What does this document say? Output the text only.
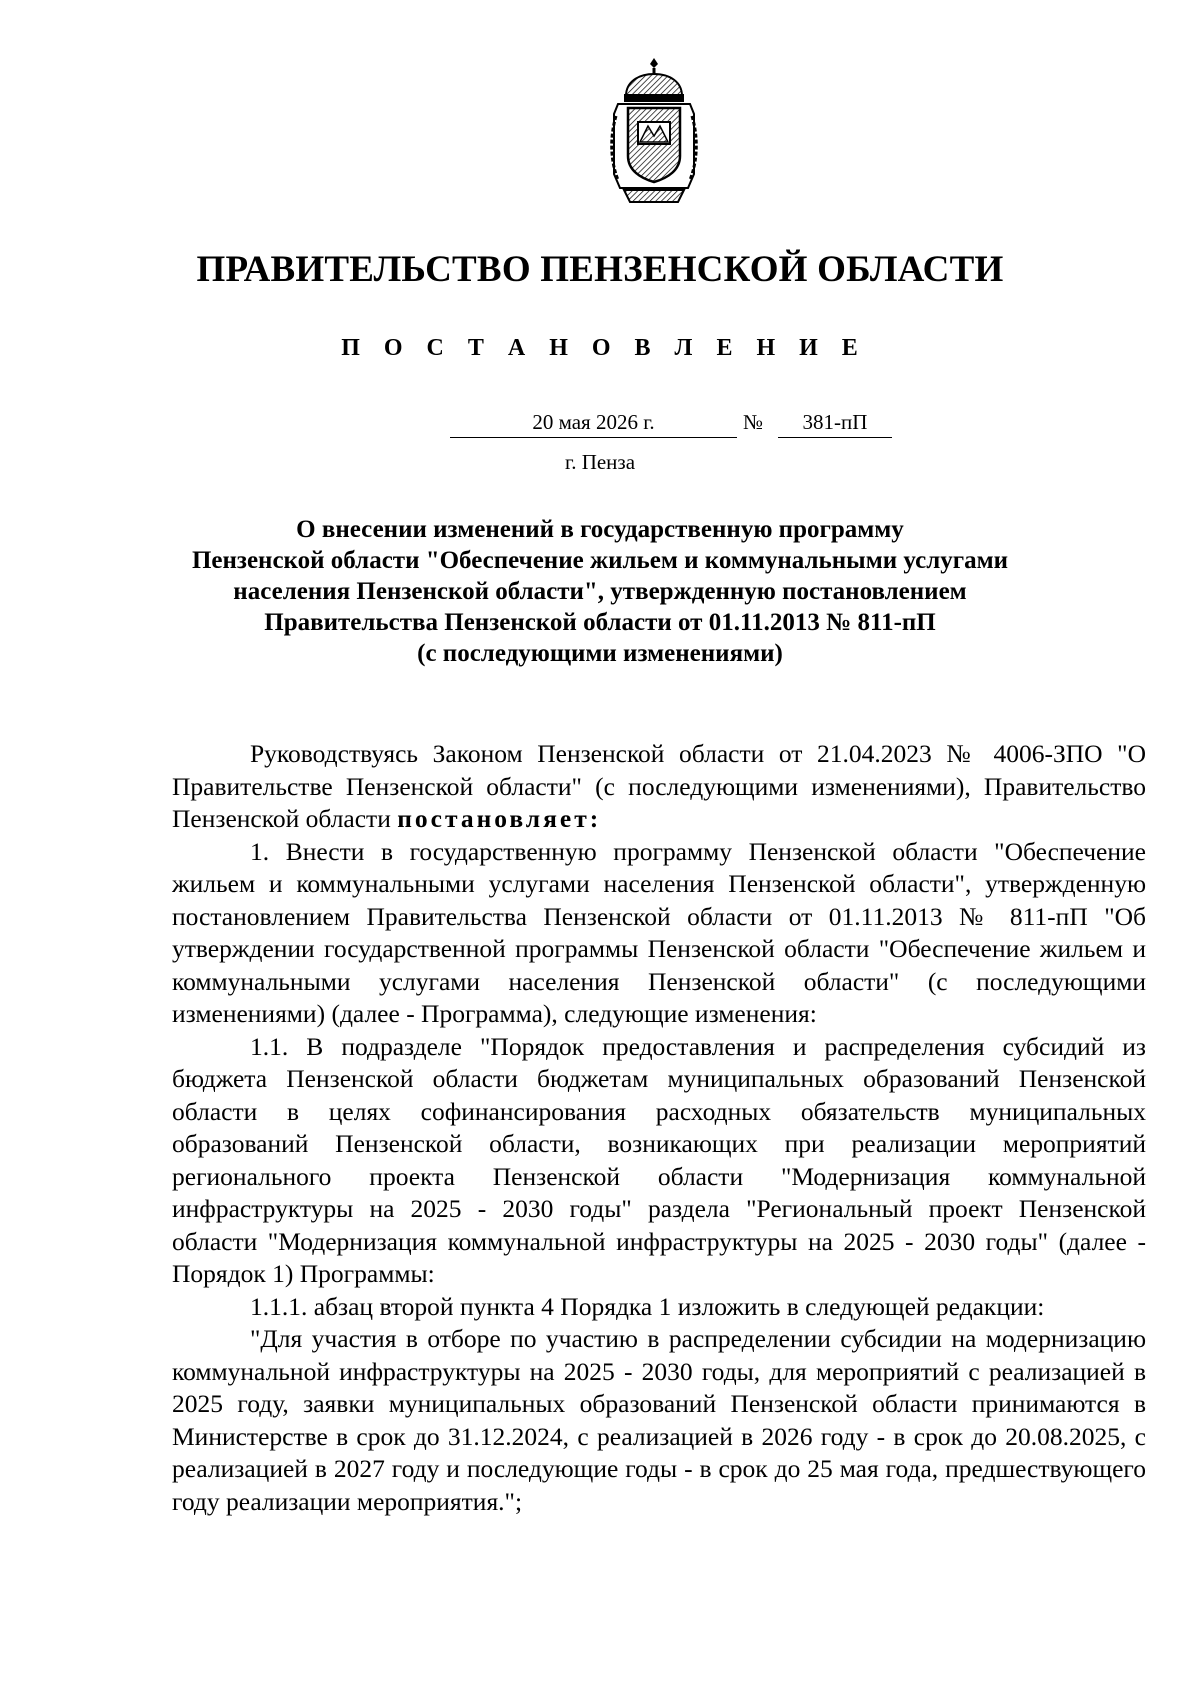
ПРАВИТЕЛЬСТВО ПЕНЗЕНСКОЙ ОБЛАСТИ
П О С Т А Н О В Л Е Н И Е
20 мая 2026 г.	№	381-пП
г. Пенза
О внесении изменений в государственную программу
Пензенской области "Обеспечение жильем и коммунальными услугами
населения Пензенской области", утвержденную постановлением
Правительства Пензенской области от 01.11.2013 № 811-пП
(с последующими изменениями)

Руководствуясь Законом Пензенской области от 21.04.2023 № 4006-ЗПО "О Правительстве Пензенской области" (с последующими изменениями), Правительство Пензенской области постановляет:

1. Внести в государственную программу Пензенской области "Обеспечение жильем и коммунальными услугами населения Пензенской области", утвержденную постановлением Правительства Пензенской области от 01.11.2013 № 811-пП "Об утверждении государственной программы Пензенской области "Обеспечение жильем и коммунальными услугами населения Пензенской области" (с последующими изменениями) (далее - Программа), следующие изменения:

1.1. В подразделе "Порядок предоставления и распределения субсидий из бюджета Пензенской области бюджетам муниципальных образований Пензенской области в целях софинансирования расходных обязательств муниципальных образований Пензенской области, возникающих при реализации мероприятий регионального проекта Пензенской области "Модернизация коммунальной инфраструктуры на 2025 - 2030 годы" раздела "Региональный проект Пензенской области "Модернизация коммунальной инфраструктуры на 2025 - 2030 годы" (далее - Порядок 1) Программы:

1.1.1. абзац второй пункта 4 Порядка 1 изложить в следующей редакции:

"Для участия в отборе по участию в распределении субсидии на модернизацию коммунальной инфраструктуры на 2025 - 2030 годы, для мероприятий с реализацией в 2025 году, заявки муниципальных образований Пензенской области принимаются в Министерстве в срок до 31.12.2024, с реализацией в 2026 году - в срок до 20.08.2025, с реализацией в 2027 году и последующие годы - в срок до 25 мая года, предшествующего году реализации мероприятия.";
